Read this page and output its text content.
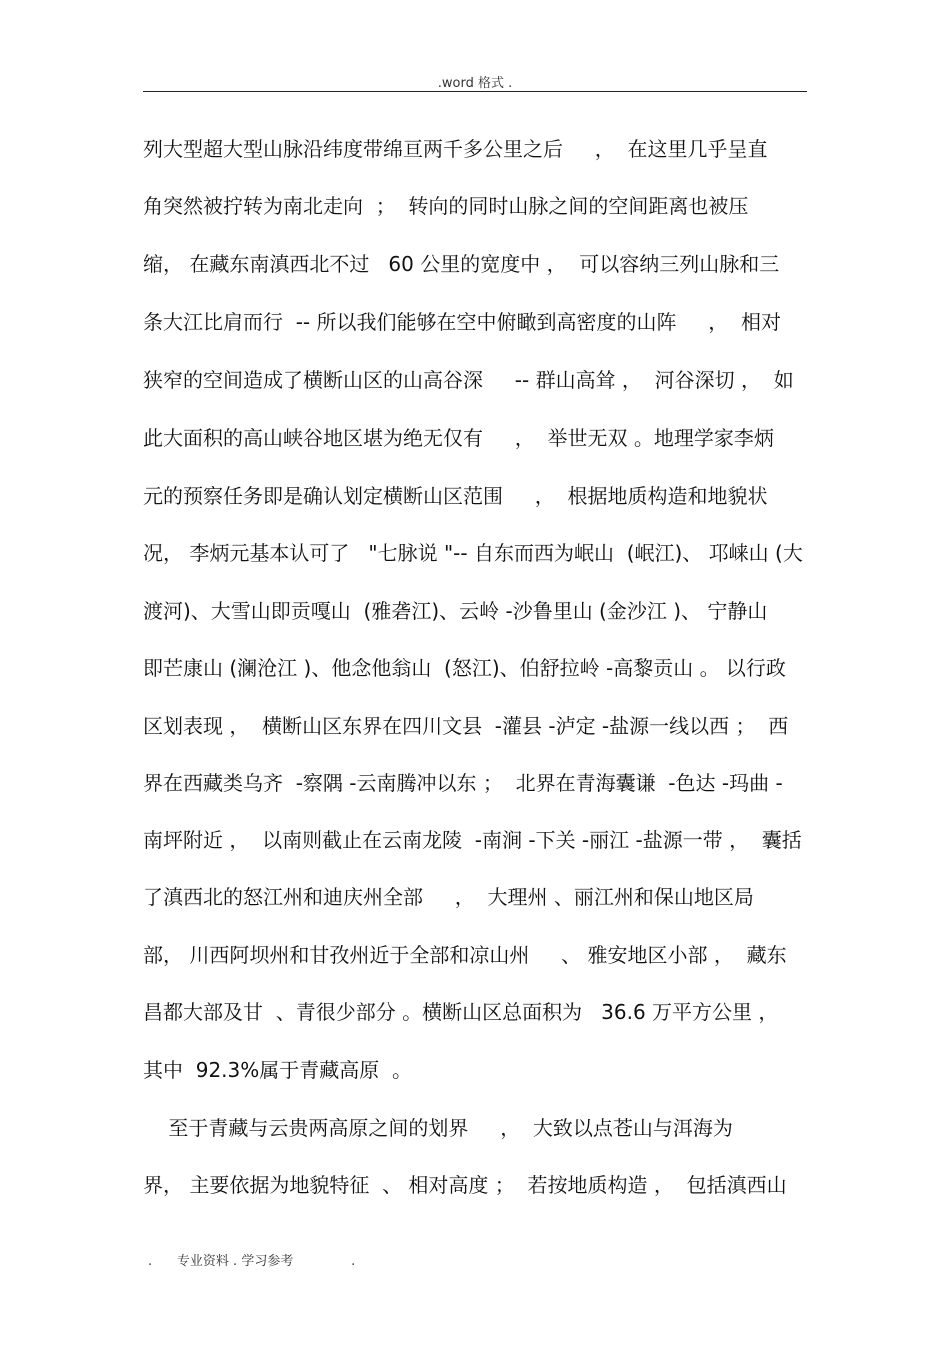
.word 格式 .
列大型超大型山脉沿纬度带绵亘两千多公里之后     ，  在这里几乎呈直
角突然被拧转为南北走向  ；  转向的同时山脉之间的空间距离也被压
缩， 在藏东南滇西北不过   60 公里的宽度中 ，  可以容纳三列山脉和三
条大江比肩而行  -- 所以我们能够在空中俯瞰到高密度的山阵     ，  相对
狭窄的空间造成了横断山区的山高谷深     -- 群山高耸 ，  河谷深切 ，  如
此大面积的高山峡谷地区堪为绝无仅有     ，  举世无双 。地理学家李炳
元的预察任务即是确认划定横断山区范围     ，  根据地质构造和地貌状
况， 李炳元基本认可了   "七脉说 "-- 自东而西为岷山  (岷江)、 邛崃山 (大
渡河)、大雪山即贡嘎山  (雅砻江)、云岭 -沙鲁里山 (金沙江 )、 宁静山
即芒康山 (澜沧江 )、他念他翁山  (怒江)、伯舒拉岭 -高黎贡山 。 以行政
区划表现 ，  横断山区东界在四川文县  -灌县 -泸定 -盐源一线以西 ；  西
界在西藏类乌齐  -察隅 -云南腾冲以东 ；  北界在青海囊谦  -色达 -玛曲 -
南坪附近 ，  以南则截止在云南龙陵  -南涧 -下关 -丽江 -盐源一带 ，  囊括
了滇西北的怒江州和迪庆州全部     ，  大理州 、丽江州和保山地区局
部， 川西阿坝州和甘孜州近于全部和凉山州     、 雅安地区小部 ，  藏东
昌都大部及甘  、青很少部分 。横断山区总面积为   36.6 万平方公里 ，
其中  92.3%属于青藏高原  。
至于青藏与云贵两高原之间的划界     ，  大致以点苍山与洱海为
界， 主要依据为地貌特征  、 相对高度 ；  若按地质构造 ，  包括滇西山
.      专业资料 . 学习参考              .
